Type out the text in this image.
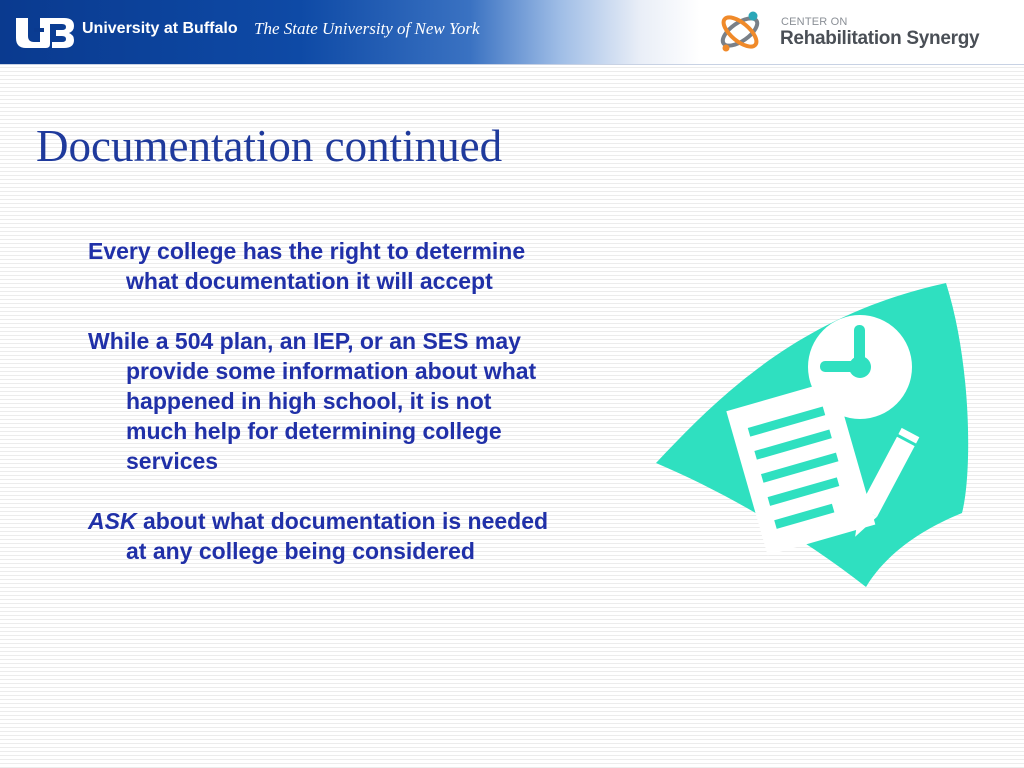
University at Buffalo The State University of New York	CENTER ON
Rehabilitation Synergy
Documentation continued

Every college has the right to determine what documentation it will accept

While a 504 plan, an IEP, or an SES may provide some information about what happened in high school, it is not much help for determining college services

ASK about what documentation is needed at any college being considered
